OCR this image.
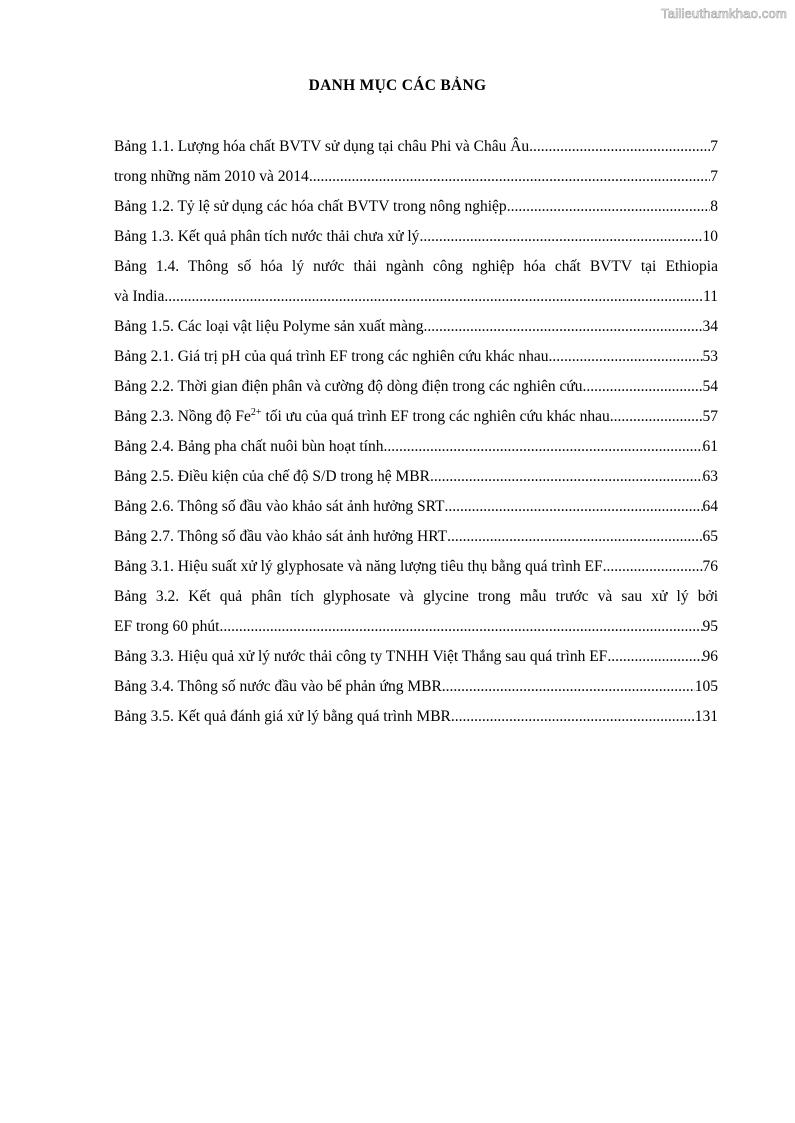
Tailieuthamkhao.com
DANH MỤC CÁC BẢNG
Bảng 1.1. Lượng hóa chất BVTV sử dụng tại châu Phi và Châu Âu .....	7
trong những năm 2010 và 2014 .....	7
Bảng 1.2. Tỷ lệ sử dụng các hóa chất BVTV trong nông nghiệp .....	8
Bảng 1.3. Kết quả phân tích nước thải chưa xử lý .....	10
Bảng 1.4. Thông số hóa lý nước thải ngành công nghiệp hóa chất BVTV tại Ethiopia
và India .....	11
Bảng 1.5. Các loại vật liệu Polyme sản xuất màng .....	34
Bảng 2.1. Giá trị pH của quá trình EF trong các nghiên cứu khác nhau .....	53
Bảng 2.2. Thời gian điện phân và cường độ dòng điện trong các nghiên cứu .....	54
Bảng 2.3. Nồng độ $Fe^{2+}$ tối ưu của quá trình EF trong các nghiên cứu khác nhau .....	57
Bảng 2.4. Bảng pha chất nuôi bùn hoạt tính .....	61
Bảng 2.5. Điều kiện của chế độ S/D trong hệ MBR .....	63
Bảng 2.6. Thông số đầu vào khảo sát ảnh hưởng SRT .....	64
Bảng 2.7. Thông số đầu vào khảo sát ảnh hưởng HRT .....	65
Bảng 3.1. Hiệu suất xử lý glyphosate và năng lượng tiêu thụ bằng quá trình EF .....	76
Bảng 3.2. Kết quả phân tích glyphosate và glycine trong mẫu trước và sau xử lý bởi
EF trong 60 phút .....	95
Bảng 3.3. Hiệu quả xử lý nước thải công ty TNHH Việt Thắng sau quá trình EF .....	96
Bảng 3.4. Thông số nước đầu vào bể phản ứng MBR .....	105
Bảng 3.5. Kết quả đánh giá xử lý bằng quá trình MBR .....	131
